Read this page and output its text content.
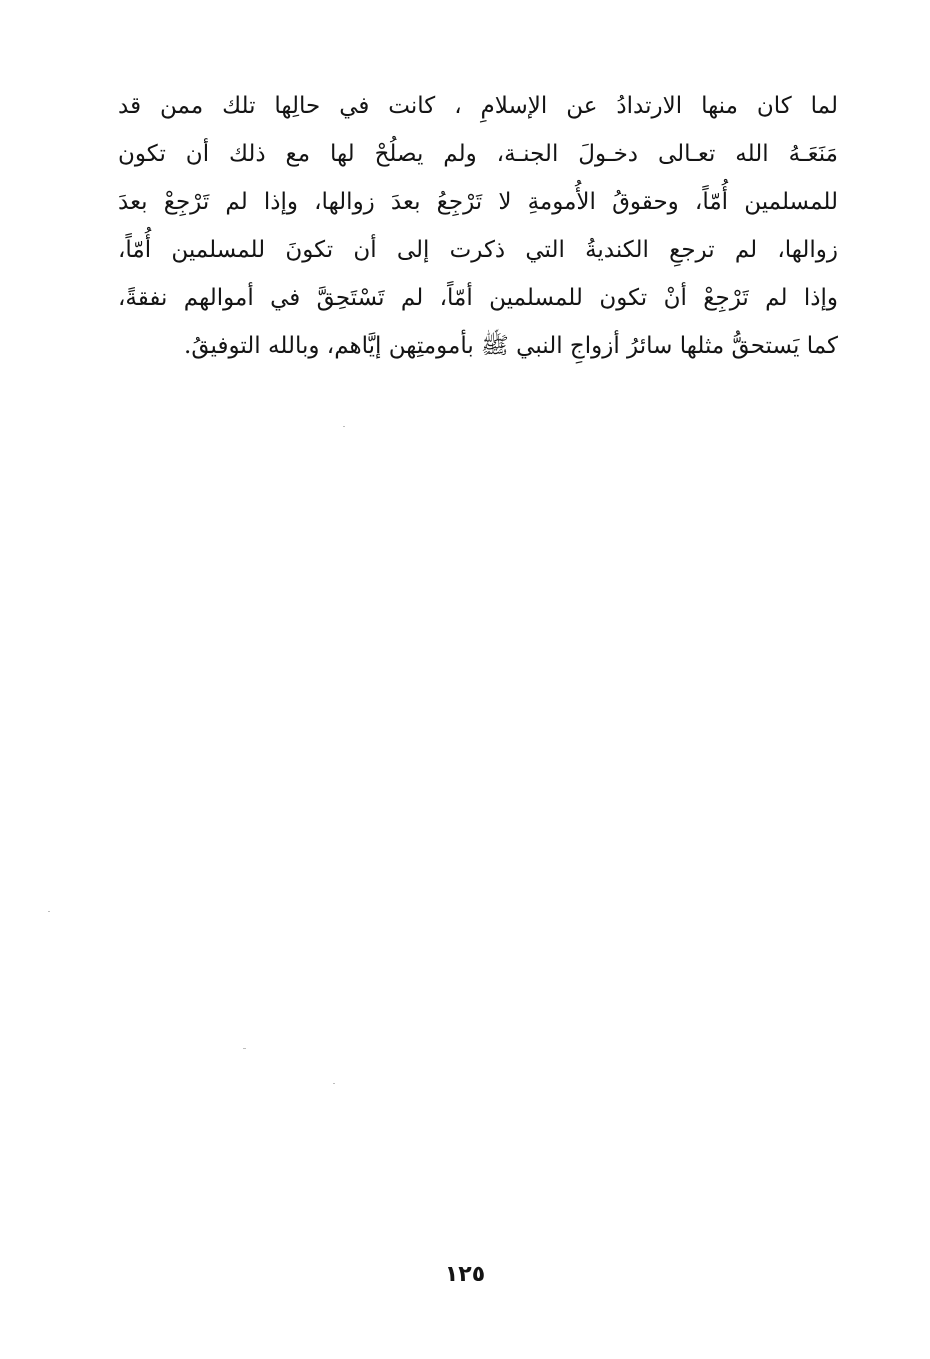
لما كان منها الارتدادُ عن الإسلامِ ، كانت في حالِها تلك ممن قد
مَنَعَـهُ الله تعـالى دخـولَ الجنـة، ولم يصلُحْ لها مع ذلك أن تكون
للمسلمين أُمّاً، وحقوقُ الأُمومةِ لا تَرْجِعُ بعدَ زوالها، وإذا لم تَرْجِعْ بعدَ
زوالها، لم ترجعِ الكنديةُ التي ذكرت إلى أن تكونَ للمسلمين أُمّاً،
وإذا لم تَرْجِعْ أنْ تكون للمسلمين أمّاً، لم تَسْتَحِقَّ في أموالهم نفقةً،
كما يَستحقُّ مثلها سائرُ أزواجِ النبي ﷺ بأمومتِهن إيَّاهم، وبالله التوفيقُ.
١٢٥
